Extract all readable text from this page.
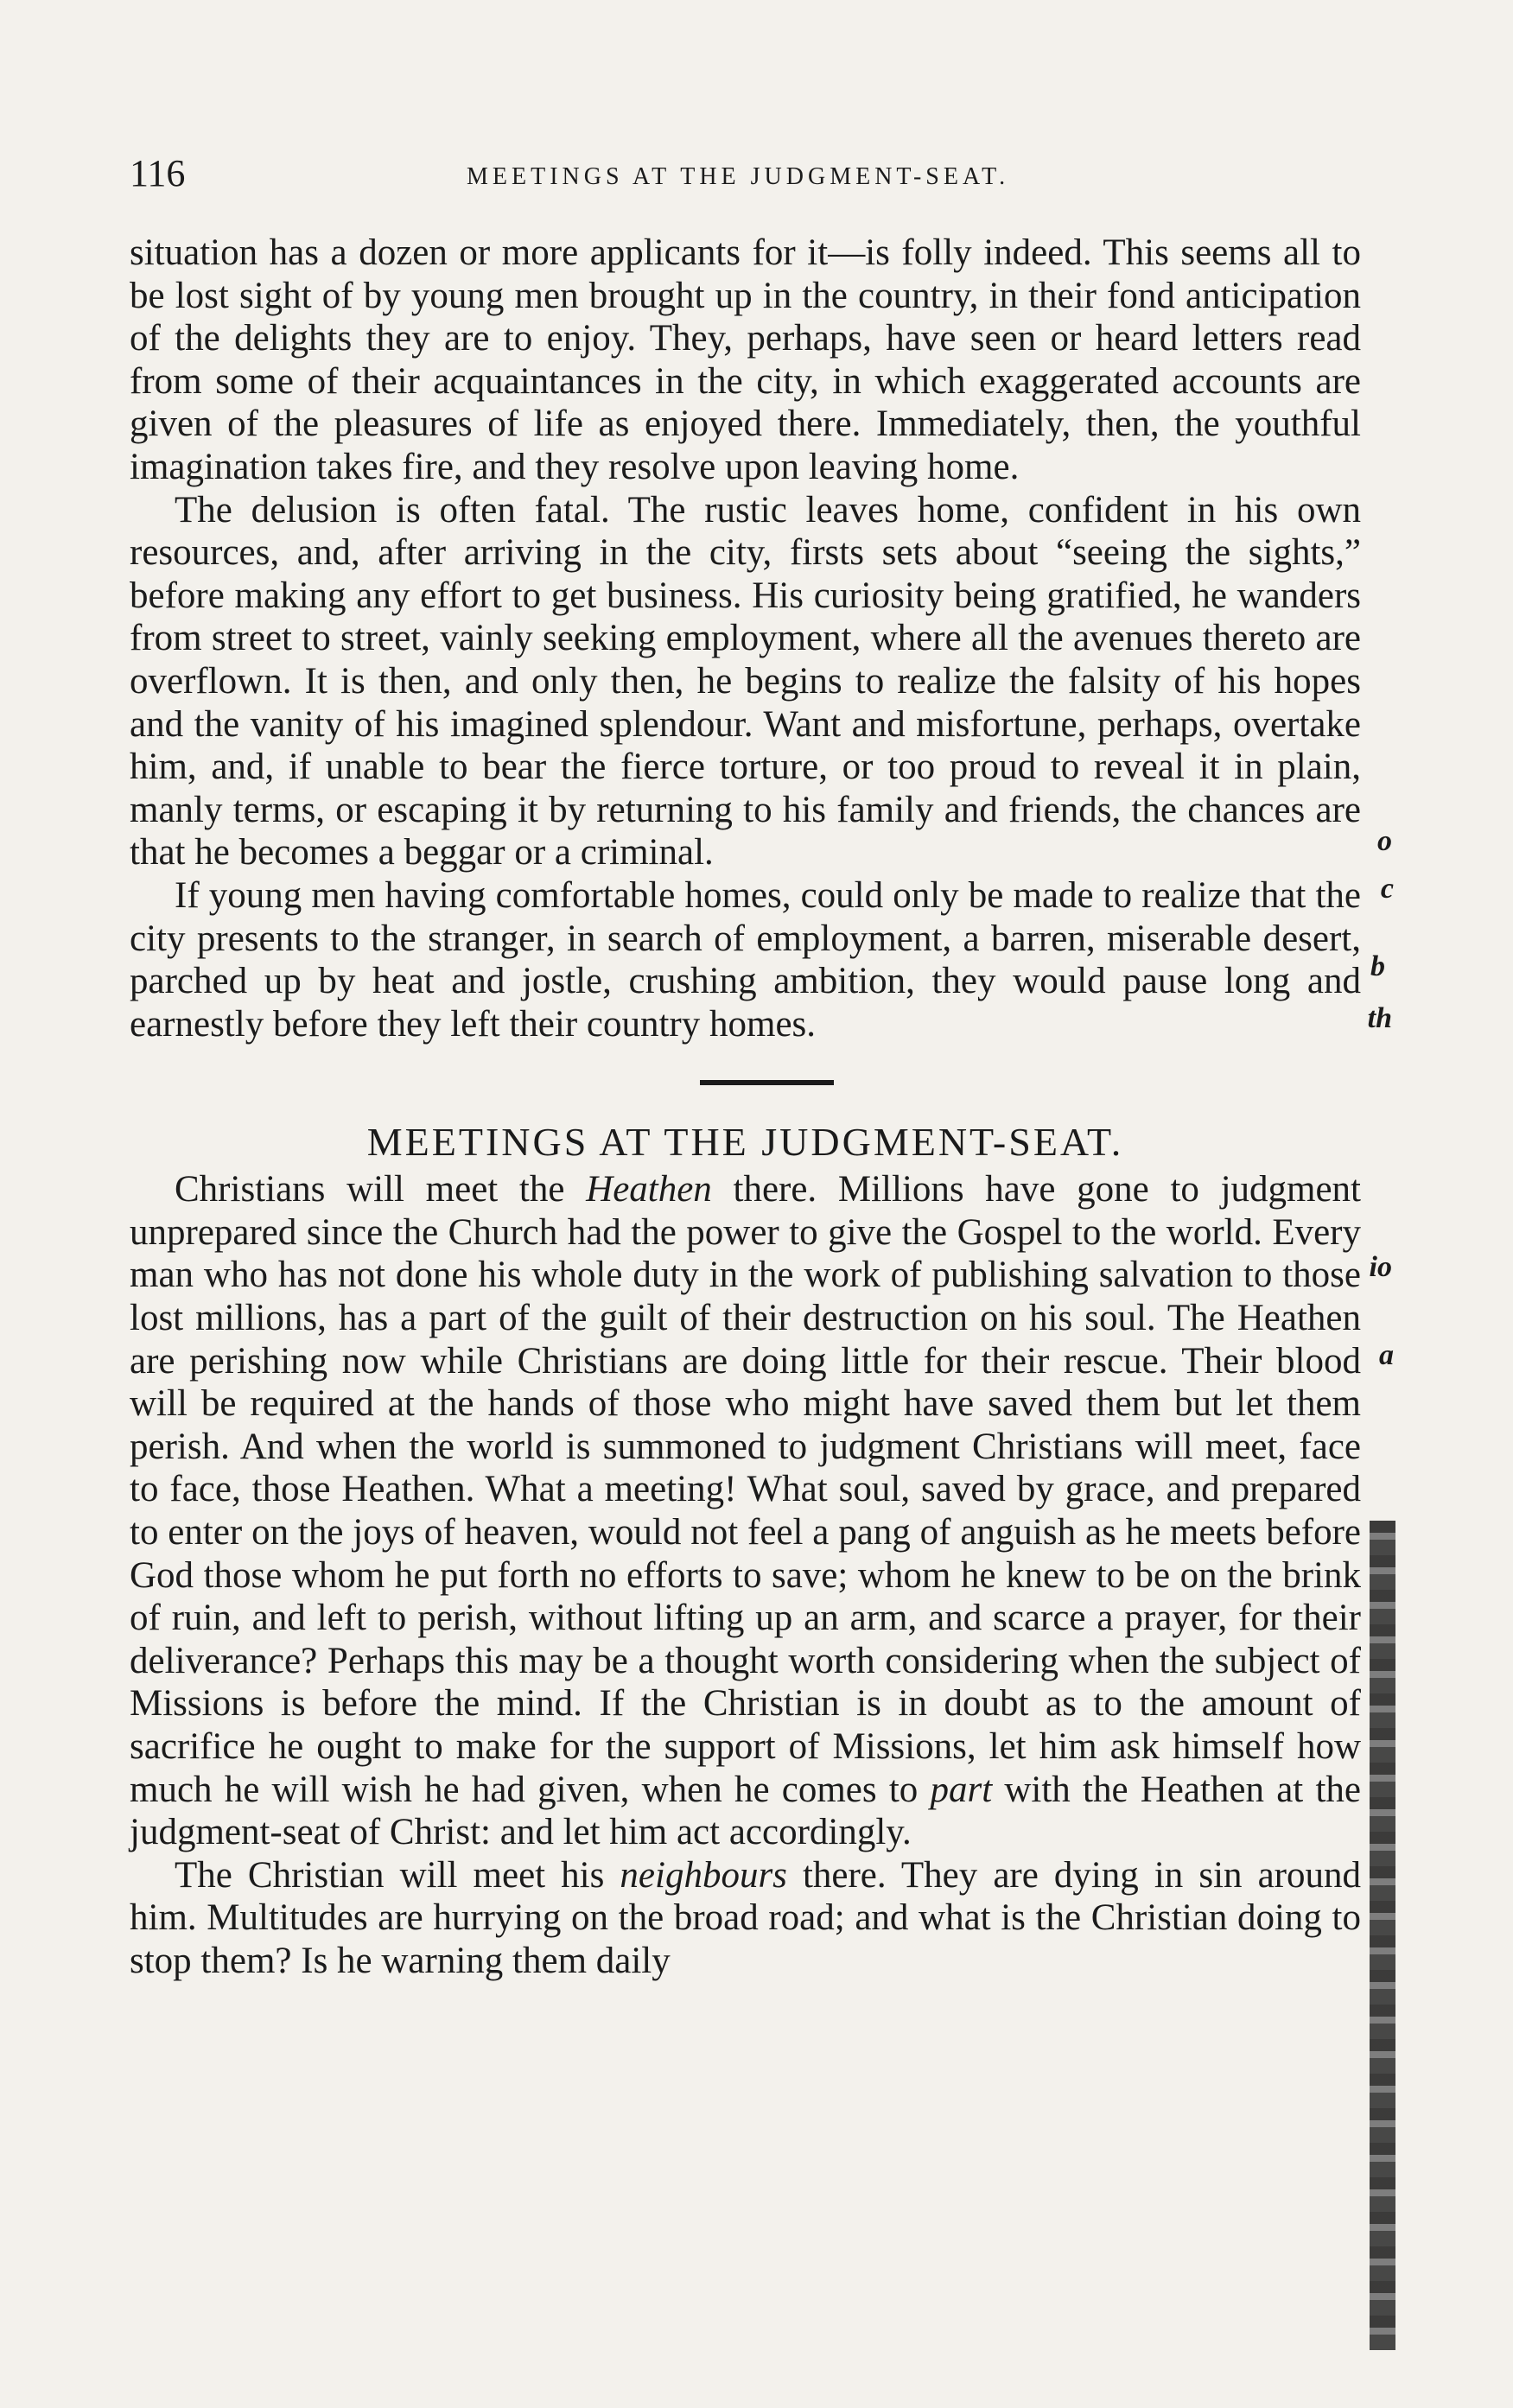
116	MEETINGS AT THE JUDGMENT-SEAT.

situation has a dozen or more applicants for it—is folly indeed. This seems all to be lost sight of by young men brought up in the country, in their fond anticipation of the delights they are to enjoy. They, perhaps, have seen or heard letters read from some of their acquaintances in the city, in which exaggerated accounts are given of the pleasures of life as enjoyed there. Immediately, then, the youthful imagination takes fire, and they resolve upon leaving home.

The delusion is often fatal. The rustic leaves home, confident in his own resources, and, after arriving in the city, firsts sets about “seeing the sights,” before making any effort to get business. His curiosity being gratified, he wanders from street to street, vainly seeking employment, where all the avenues thereto are overflown. It is then, and only then, he begins to realize the falsity of his hopes and the vanity of his imagined splendour. Want and misfortune, perhaps, overtake him, and, if unable to bear the fierce torture, or too proud to reveal it in plain, manly terms, or escaping it by returning to his family and friends, the chances are that he becomes a beggar or a criminal.

If young men having comfortable homes, could only be made to realize that the city presents to the stranger, in search of employment, a barren, miserable desert, parched up by heat and jostle, crushing ambition, they would pause long and earnestly before they left their country homes.

MEETINGS AT THE JUDGMENT-SEAT.

Christians will meet the Heathen there. Millions have gone to judgment unprepared since the Church had the power to give the Gospel to the world. Every man who has not done his whole duty in the work of publishing salvation to those lost millions, has a part of the guilt of their destruction on his soul. The Heathen are perishing now while Christians are doing little for their rescue. Their blood will be required at the hands of those who might have saved them but let them perish. And when the world is summoned to judgment Christians will meet, face to face, those Heathen. What a meeting! What soul, saved by grace, and prepared to enter on the joys of heaven, would not feel a pang of anguish as he meets before God those whom he put forth no efforts to save; whom he knew to be on the brink of ruin, and left to perish, without lifting up an arm, and scarce a prayer, for their deliverance? Perhaps this may be a thought worth considering when the subject of Missions is before the mind. If the Christian is in doubt as to the amount of sacrifice he ought to make for the support of Missions, let him ask himself how much he will wish he had given, when he comes to part with the Heathen at the judgment-seat of Christ: and let him act accordingly.

The Christian will meet his neighbours there. They are dying in sin around him. Multitudes are hurrying on the broad road; and what is the Christian doing to stop them? Is he warning them daily

o
c
b
th
io
a
